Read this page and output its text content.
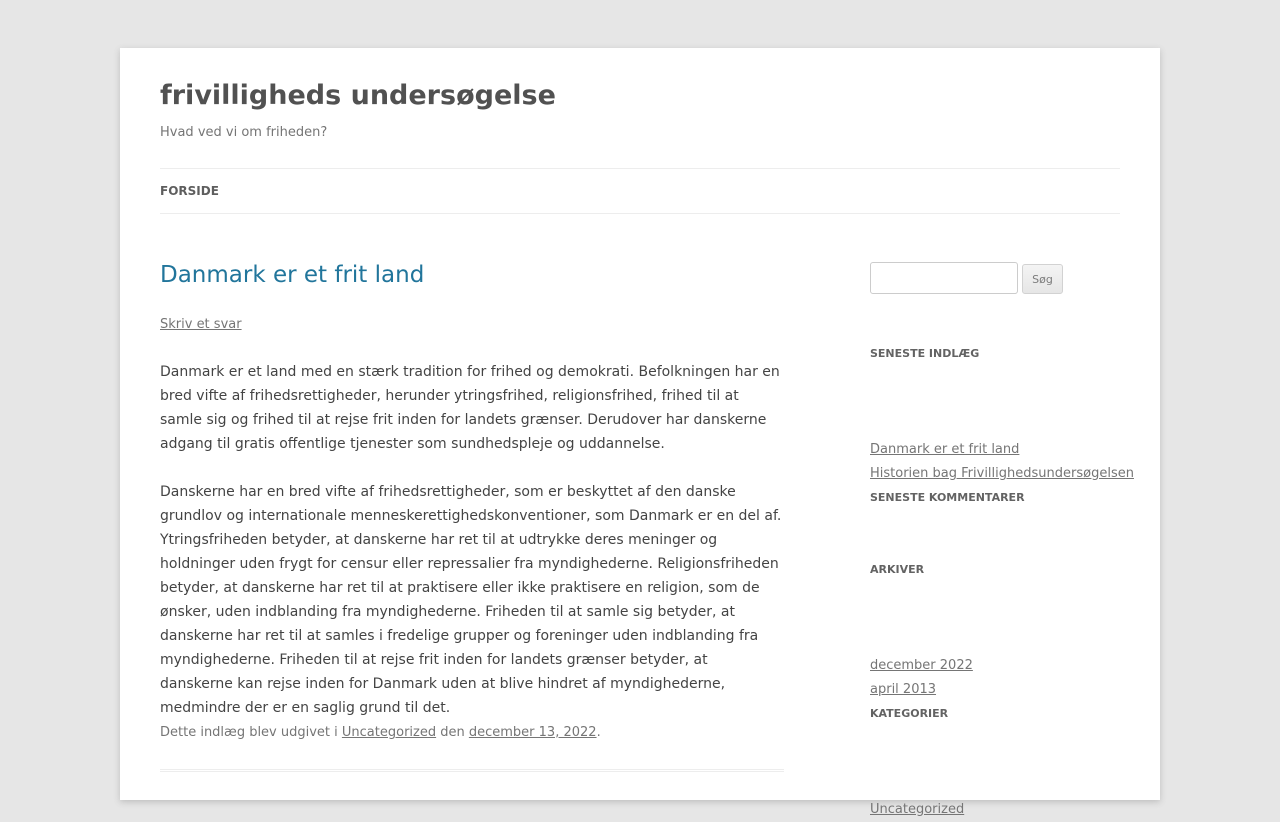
frivilligheds undersøgelse

Hvad ved vi om friheden?

FORSIDE
Danmark er et frit land
Skriv et svar

Danmark er et land med en stærk tradition for frihed og demokrati. Befolkningen har en bred vifte af frihedsrettigheder, herunder ytringsfrihed, religionsfrihed, frihed til at samle sig og frihed til at rejse frit inden for landets grænser. Derudover har danskerne adgang til gratis offentlige tjenester som sundhedspleje og uddannelse.

Danskerne har en bred vifte af frihedsrettigheder, som er beskyttet af den danske grundlov og internationale menneskerettighedskonventioner, som Danmark er en del af. Ytringsfriheden betyder, at danskerne har ret til at udtrykke deres meninger og holdninger uden frygt for censur eller repressalier fra myndighederne. Religionsfriheden betyder, at danskerne har ret til at praktisere eller ikke praktisere en religion, som de ønsker, uden indblanding fra myndighederne. Friheden til at samle sig betyder, at danskerne har ret til at samles i fredelige grupper og foreninger uden indblanding fra myndighederne. Friheden til at rejse frit inden for landets grænser betyder, at danskerne kan rejse inden for Danmark uden at blive hindret af myndighederne, medmindre der er en saglig grund til det.

Dette indlæg blev udgivet i Uncategorized den december 13, 2022.
Søg
SENESTE INDLÆG
Danmark er et frit land
Historien bag Frivillighedsundersøgelsen
SENESTE KOMMENTARER
ARKIVER
december 2022
april 2013
KATEGORIER
Uncategorized
